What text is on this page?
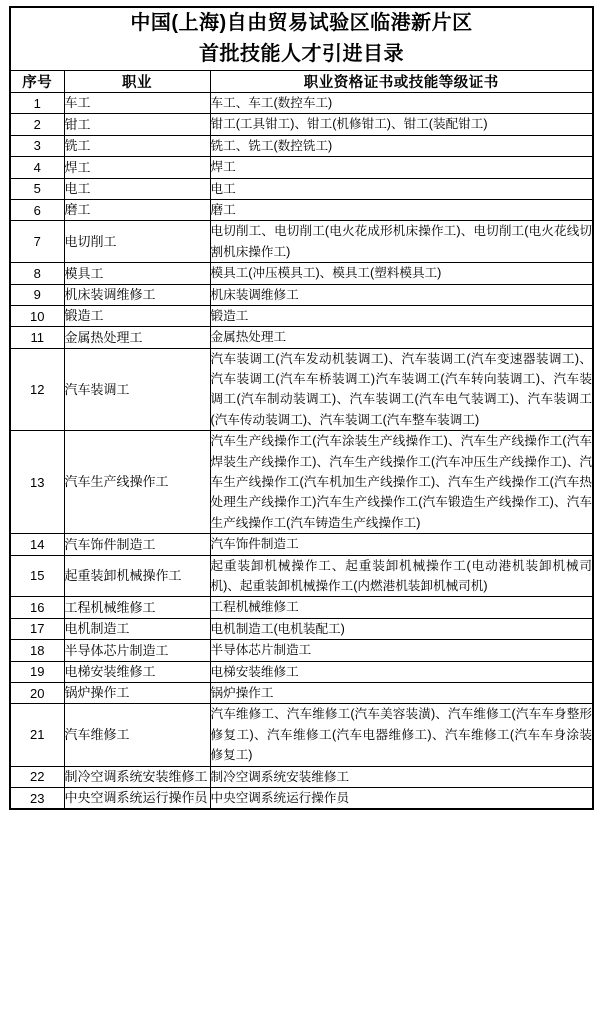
中国(上海)自由贸易试验区临港新片区
首批技能人才引进目录		

序号	职业	职业资格证书或技能等级证书
1	车工	车工、车工(数控车工)
2	钳工	钳工(工具钳工)、钳工(机修钳工)、钳工(装配钳工)
3	铣工	铣工、铣工(数控铣工)
4	焊工	焊工
5	电工	电工
6	磨工	磨工
7	电切削工	电切削工、电切削工(电火花成形机床操作工)、电切削工(电火花线切割机床操作工)
8	模具工	模具工(冲压模具工)、模具工(塑料模具工)
9	机床装调维修工	机床装调维修工
10	锻造工	锻造工
11	金属热处理工	金属热处理工
12	汽车装调工	汽车装调工(汽车发动机装调工)、汽车装调工(汽车变速器装调工)、汽车装调工(汽车车桥装调工)汽车装调工(汽车转向装调工)、汽车装调工(汽车制动装调工)、汽车装调工(汽车电气装调工)、汽车装调工(汽车传动装调工)、汽车装调工(汽车整车装调工)
13	汽车生产线操作工	汽车生产线操作工(汽车涂装生产线操作工)、汽车生产线操作工(汽车焊装生产线操作工)、汽车生产线操作工(汽车冲压生产线操作工)、汽车生产线操作工(汽车机加生产线操作工)、汽车生产线操作工(汽车热处理生产线操作工)汽车生产线操作工(汽车锻造生产线操作工)、汽车生产线操作工(汽车铸造生产线操作工)
14	汽车饰件制造工	汽车饰件制造工
15	起重装卸机械操作工	起重装卸机械操作工、起重装卸机械操作工(电动港机装卸机械司机)、起重装卸机械操作工(内燃港机装卸机械司机)
16	工程机械维修工	工程机械维修工
17	电机制造工	电机制造工(电机装配工)
18	半导体芯片制造工	半导体芯片制造工
19	电梯安装维修工	电梯安装维修工
20	锅炉操作工	锅炉操作工
21	汽车维修工	汽车维修工、汽车维修工(汽车美容装潢)、汽车维修工(汽车车身整形修复工)、汽车维修工(汽车电器维修工)、汽车维修工(汽车车身涂装修复工)
22	制冷空调系统安装维修工	制冷空调系统安装维修工
23	中央空调系统运行操作员	中央空调系统运行操作员
